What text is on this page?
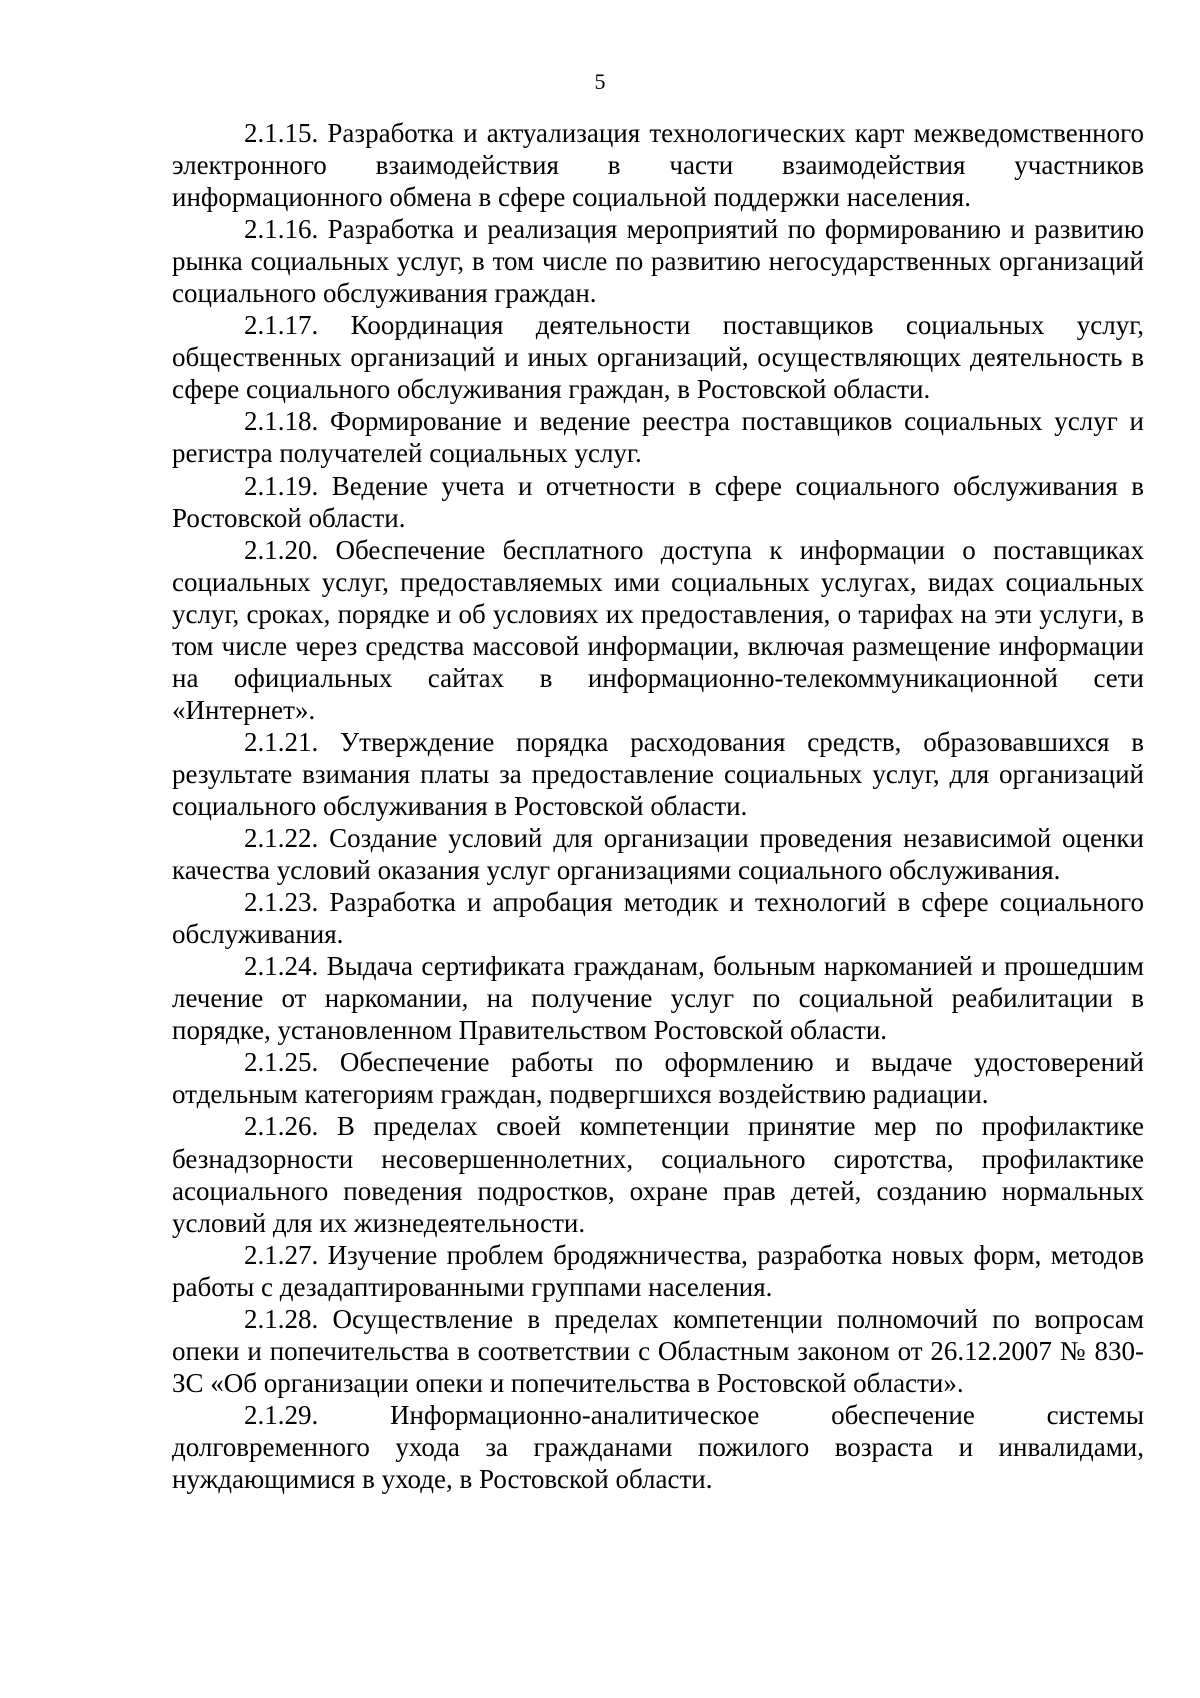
5

2.1.15. Разработка и актуализация технологических карт межведомственного электронного взаимодействия в части взаимодействия участников информационного обмена в сфере социальной поддержки населения.

2.1.16. Разработка и реализация мероприятий по формированию и развитию рынка социальных услуг, в том числе по развитию негосударственных организаций социального обслуживания граждан.

2.1.17. Координация деятельности поставщиков социальных услуг, общественных организаций и иных организаций, осуществляющих деятельность в сфере социального обслуживания граждан, в Ростовской области.

2.1.18. Формирование и ведение реестра поставщиков социальных услуг и регистра получателей социальных услуг.

2.1.19. Ведение учета и отчетности в сфере социального обслуживания в Ростовской области.

2.1.20. Обеспечение бесплатного доступа к информации о поставщиках социальных услуг, предоставляемых ими социальных услугах, видах социальных услуг, сроках, порядке и об условиях их предоставления, о тарифах на эти услуги, в том числе через средства массовой информации, включая размещение информации на официальных сайтах в информационно-телекоммуникационной сети «Интернет».

2.1.21. Утверждение порядка расходования средств, образовавшихся в результате взимания платы за предоставление социальных услуг, для организаций социального обслуживания в Ростовской области.

2.1.22. Создание условий для организации проведения независимой оценки качества условий оказания услуг организациями социального обслуживания.

2.1.23. Разработка и апробация методик и технологий в сфере социального обслуживания.

2.1.24. Выдача сертификата гражданам, больным наркоманией и прошедшим лечение от наркомании, на получение услуг по социальной реабилитации в порядке, установленном Правительством Ростовской области.

2.1.25. Обеспечение работы по оформлению и выдаче удостоверений отдельным категориям граждан, подвергшихся воздействию радиации.

2.1.26. В пределах своей компетенции принятие мер по профилактике безнадзорности несовершеннолетних, социального сиротства, профилактике асоциального поведения подростков, охране прав детей, созданию нормальных условий для их жизнедеятельности.

2.1.27. Изучение проблем бродяжничества, разработка новых форм, методов работы с дезадаптированными группами населения.

2.1.28. Осуществление в пределах компетенции полномочий по вопросам опеки и попечительства в соответствии с Областным законом от 26.12.2007 № 830-ЗС «Об организации опеки и попечительства в Ростовской области».

2.1.29. Информационно-аналитическое обеспечение системы долговременного ухода за гражданами пожилого возраста и инвалидами, нуждающимися в уходе, в Ростовской области.
